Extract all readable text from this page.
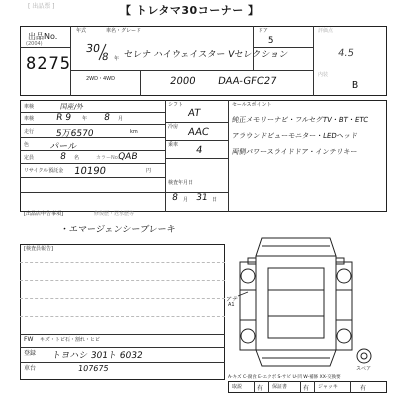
[ 出品票 ]	【 トレタマ30コーナー 】
出品No.
(2004)
8275
年式	車名・グレード
30
8 年 セレナ ハイウェイスター Vセレクション
2WD・4WD	2000 DAA-GFC27
ドア
5
評価点
4.5
内装
B
車検	国産/外
車検 R 9 年 8 月
走行 5万6570	km
色 パール
定員	8 名	カラーNo.
QAB
リサイクル預託金 10190	円
シフト
AT
冷房 AAC
乗車 4
検査年月日
8 月 31 日
セールスポイント
純正メモリーナビ・フルセグTV・BT・ETC
アラウンドビューモニター・LEDヘッド
両側パワースライドドア・インテリキー
[出品店申告事項]	修復歴・冠水歴等
・エマージェンシーブレーキ
[検査員報告]
FW キズ・トビ石・割れ・ヒビ
登録 トヨハシ 301ト 6032
車台	107675
アテ
A1
スペア
A-キズ C-腐食 E-エクボ S-サビ U-凹 W-補修 XX-交換要
取説 有 保証書	有 ジャッキ	有
